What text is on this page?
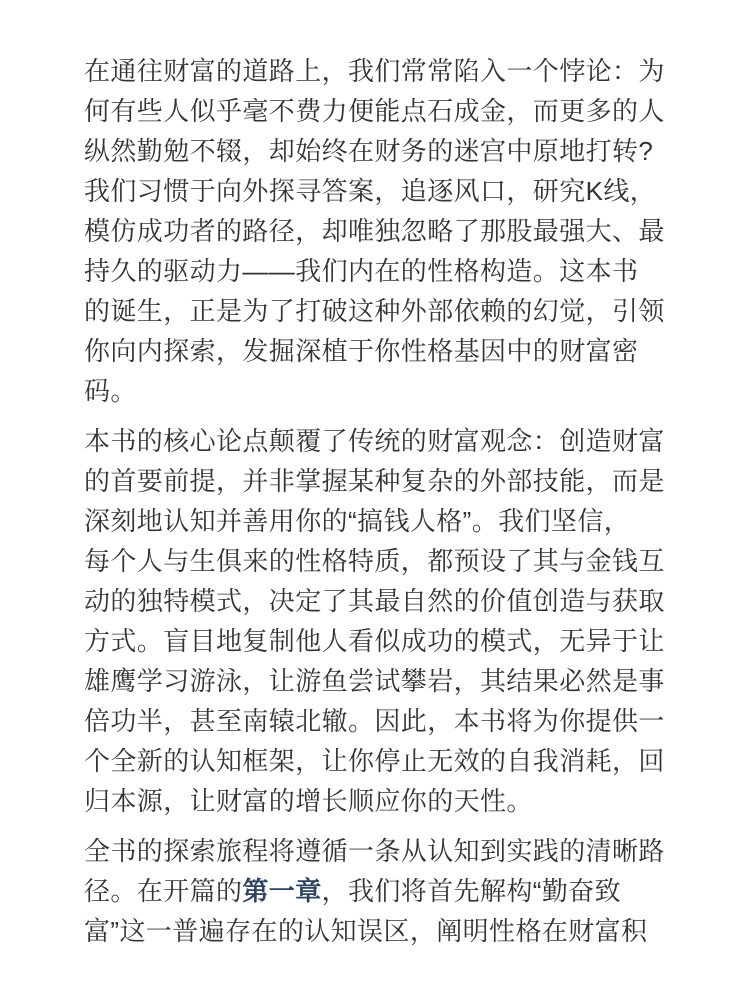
在通往财富的道路上，我们常常陷入一个悖论：为
何有些人似乎毫不费力便能点石成金，而更多的人
纵然勤勉不辍，却始终在财务的迷宫中原地打转?
我们习惯于向外探寻答案，追逐风口，研究K线，
模仿成功者的路径，却唯独忽略了那股最强大、最
持久的驱动力——我们内在的性格构造。这本书
的诞生，正是为了打破这种外部依赖的幻觉，引领
你向内探索，发掘深植于你性格基因中的财富密
码。
本书的核心论点颠覆了传统的财富观念：创造财富
的首要前提，并非掌握某种复杂的外部技能，而是
深刻地认知并善用你的“搞钱人格”。我们坚信，
每个人与生俱来的性格特质，都预设了其与金钱互
动的独特模式，决定了其最自然的价值创造与获取
方式。盲目地复制他人看似成功的模式，无异于让
雄鹰学习游泳，让游鱼尝试攀岩，其结果必然是事
倍功半，甚至南辕北辙。因此，本书将为你提供一
个全新的认知框架，让你停止无效的自我消耗，回
归本源，让财富的增长顺应你的天性。
全书的探索旅程将遵循一条从认知到实践的清晰路
径。在开篇的第一章，我们将首先解构“勤奋致
富”这一普遍存在的认知误区，阐明性格在财富积
